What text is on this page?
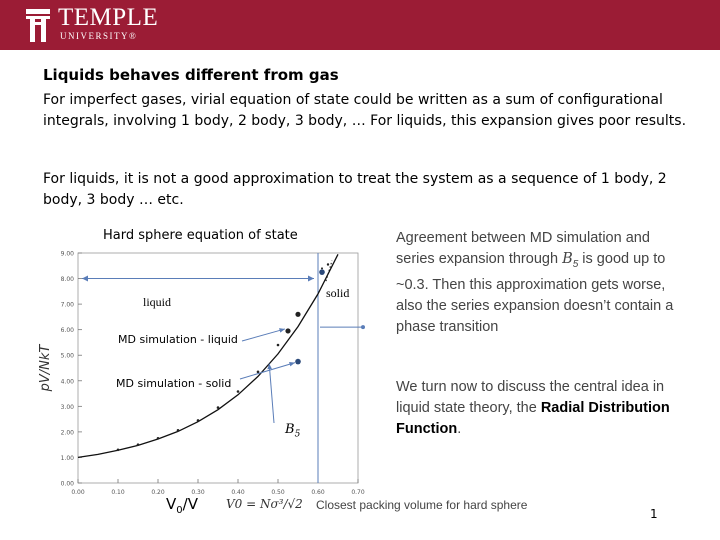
TEMPLE
UNIVERSITY®
Liquids behaves different from gas
For imperfect gases, virial equation of state could be written as a sum of configurational integrals, involving 1 body, 2 body, 3 body, … For liquids, this expansion gives poor results.
For liquids, it is not a good approximation to treat the system as a sequence of 1 body, 2 body, 3 body … etc.
Hard sphere equation of state
0.00
1.00
2.00
3.00
4.00
5.00
6.00
7.00
8.00
9.00
0.00	0.10	0.20	0.30	0.40	0.50	0.60	0.70
pV/NkT
liquid
solid
MD simulation - liquid
MD simulation - solid
$B_5$
Agreement between MD simulation and series expansion through $B_5$ is good up to ~0.3. Then this approximation gets worse, also the series expansion doesn’t contain a phase transition
We turn now to discuss the central idea in liquid state theory, the Radial Distribution Function.
$V_0/V$ V0 = Nσ³/√2 Closest packing volume for hard sphere
1
